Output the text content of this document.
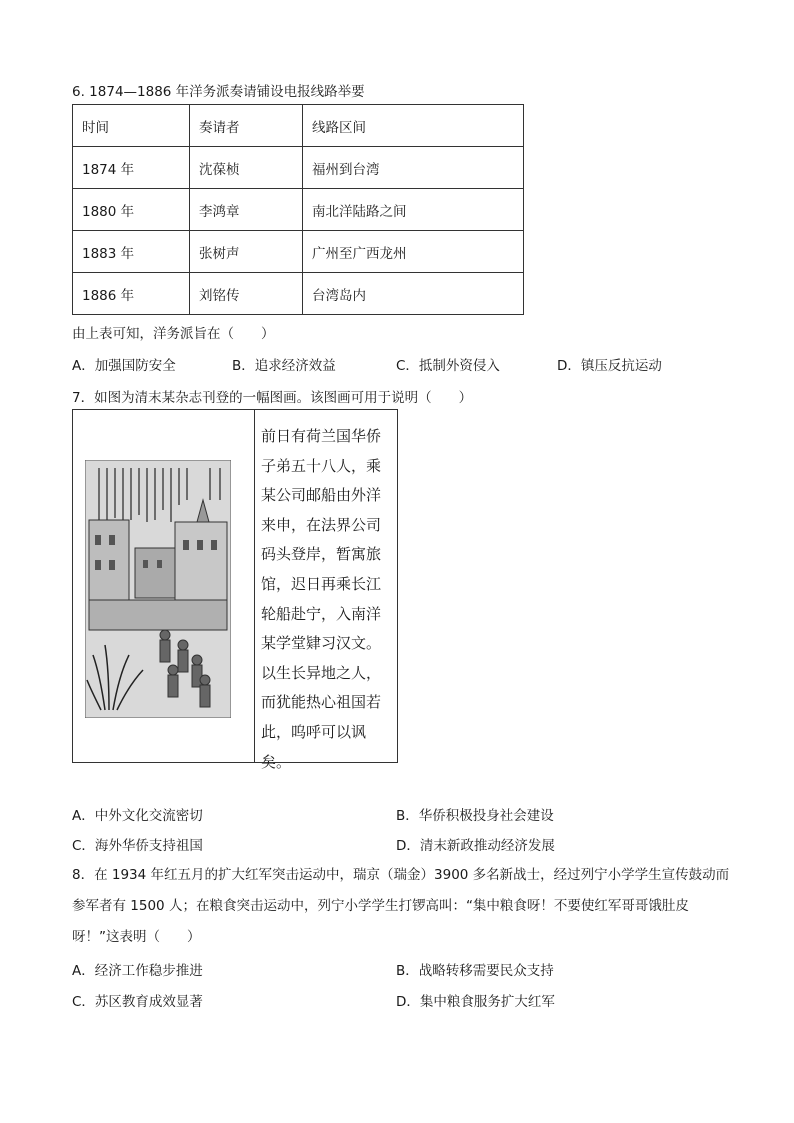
6. 1874—1886 年洋务派奏请铺设电报线路举要
时间	奏请者	线路区间
1874 年	沈葆桢	福州到台湾
1880 年	李鸿章	南北洋陆路之间
1883 年	张树声	广州至广西龙州
1886 年	刘铭传	台湾岛内
由上表可知，洋务派旨在（　　）
A．加强国防安全	B．追求经济效益	C．抵制外资侵入	D．镇压反抗运动
7．如图为清末某杂志刊登的一幅图画。该图画可用于说明（　　）
前日有荷兰国华侨子弟五十八人，乘某公司邮船由外洋来申，在法界公司码头登岸，暂寓旅馆，迟日再乘长江轮船赴宁，入南洋某学堂肄习汉文。以生长异地之人，而犹能热心祖国若此，呜呼可以讽矣。
A．中外文化交流密切	B．华侨积极投身社会建设
C．海外华侨支持祖国	D．清末新政推动经济发展
8．在 1934 年红五月的扩大红军突击运动中，瑞京（瑞金）3900 多名新战士，经过列宁小学学生宣传鼓动而参军者有 1500 人；在粮食突击运动中，列宁小学学生打锣高叫：“集中粮食呀！不要使红军哥哥饿肚皮呀！”这表明（　　）
A．经济工作稳步推进	B．战略转移需要民众支持
C．苏区教育成效显著	D．集中粮食服务扩大红军
